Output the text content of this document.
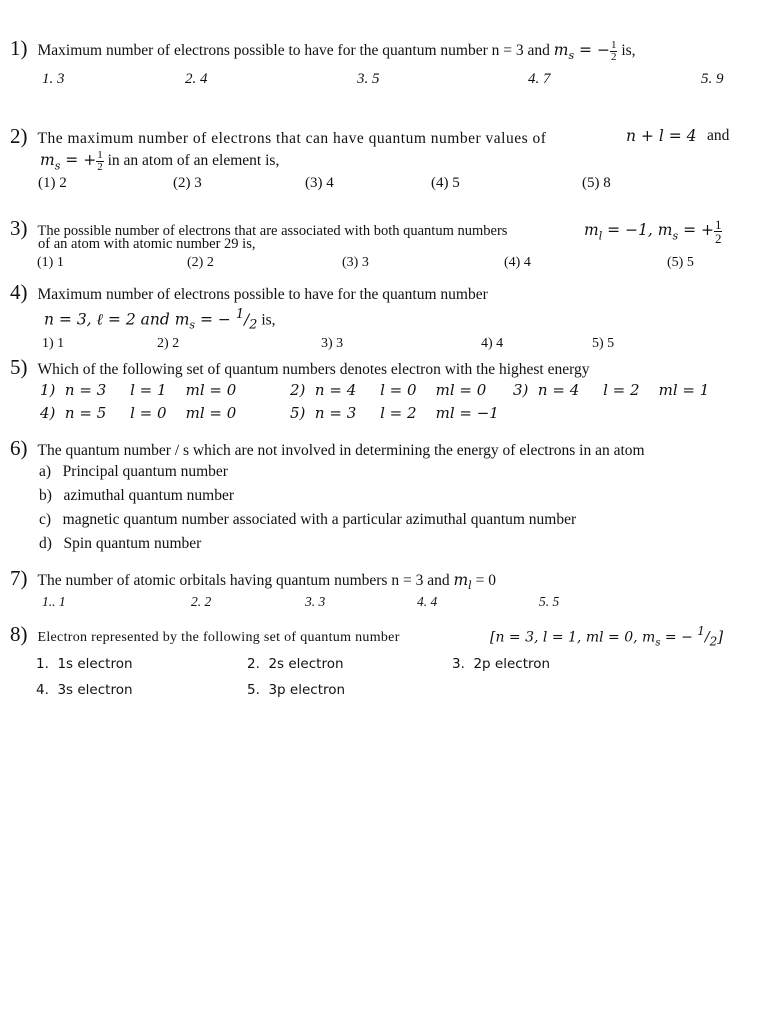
1) Maximum number of electrons possible to have for the quantum number n = 3 and $m_s$ = − $\frac{1}{2}$ is,
1. 3	2. 4	3. 5	4. 7	5. 9
2) The maximum number of electrons that can have quantum number values of	n + l = 4 and
$m_s$ = + $\frac{1}{2}$ in an atom of an element is,
(1) 2	(2) 3	(3) 4	(4) 5	(5) 8
3) The possible number of electrons that are associated with both quantum numbers	$m_l = -1$, $m_s$ = + $\frac{1}{2}$
of an atom with atomic number 29 is,
(1) 1	(2) 2	(3) 3	(4) 4	(5) 5
4) Maximum number of electrons possible to have for the quantum number
n = 3, ℓ = 2 and $m_s$ = − $^1/_2$ is,
1) 1	2) 2	3) 3	4) 4	5) 5
5) Which of the following set of quantum numbers denotes electron with the highest energy
1)  n = 3     l = 1    ml = 0	2)  n = 4     l = 0    ml = 0 3)  n = 4     l = 2    ml = 1
4)  n = 5     l = 0    ml = 0	5)  n = 3     l = 2    ml = −1
6) The quantum number / s which are not involved in determining the energy of electrons in an atom
a)   Principal quantum number
b)   azimuthal quantum number
c)   magnetic quantum number associated with a particular azimuthal quantum number
d)   Spin quantum number
7) The number of atomic orbitals having quantum numbers n = 3 and $m_l = 0$
1.. 1	2. 2	3. 3	4. 4	5. 5
8) Electron represented by the following set of quantum number	[n = 3, l = 1, ml = 0, $m_s$ = − $^1/_2$]
1.  1s electron	2.  2s electron	3.  2p electron
4.  3s electron	5.  3p electron
